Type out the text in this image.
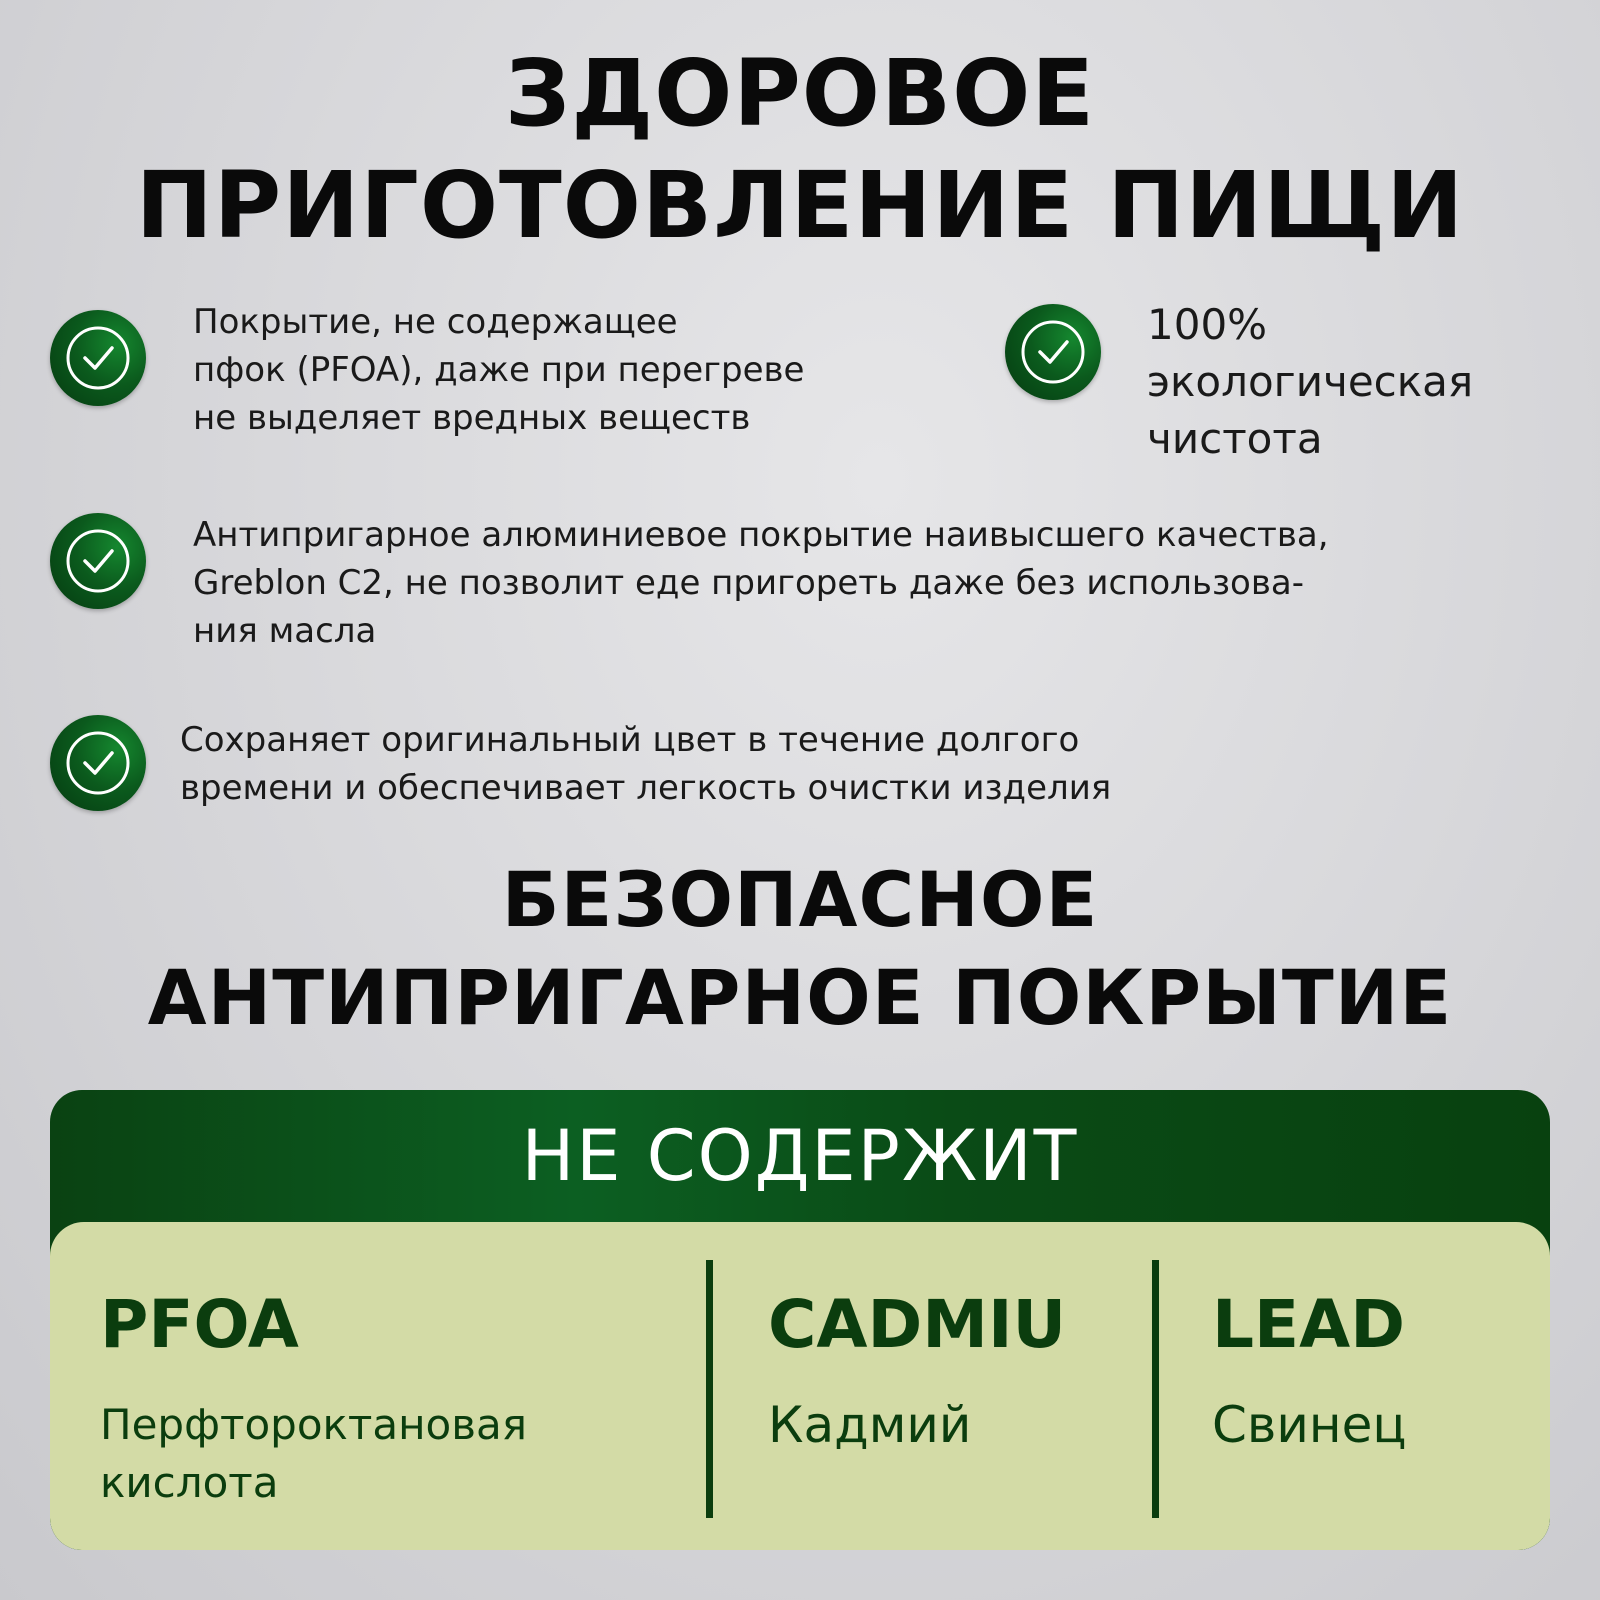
ЗДОРОВОЕ
ПРИГОТОВЛЕНИЕ ПИЩИ
Покрытие, не содержащее
пфок (PFOA), даже при перегреве
не выделяет вредных веществ
100%
экологическая
чистота
Антипригарное алюминиевое покрытие наивысшего качества,
Greblon C2, не позволит еде пригореть даже без использова-
ния масла
Сохраняет оригинальный цвет в течение долгого
времени и обеспечивает легкость очистки изделия
БЕЗОПАСНОЕ
АНТИПРИГАРНОЕ ПОКРЫТИЕ
НЕ СОДЕРЖИТ
PFOA
Перфтороктановая
кислота
CADMIU
Кадмий
LEAD
Свинец
